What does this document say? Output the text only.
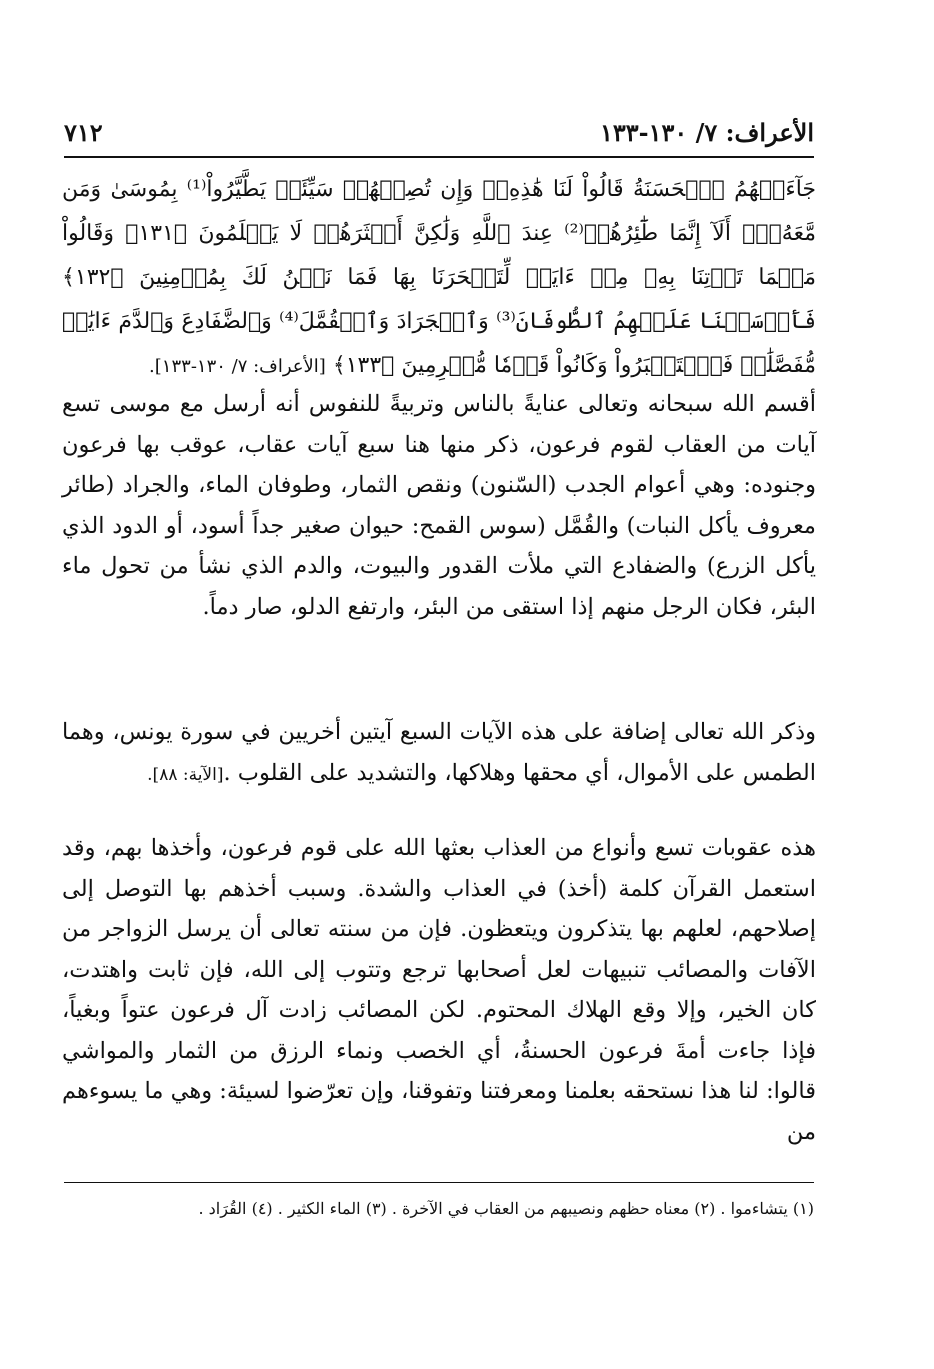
الأعراف: ٧/ ١٣٠-١٣٣
٧١٢
جَآءَتۡهُمُ ٱلۡحَسَنَةُ قَالُواْ لَنَا هَٰذِهِۦۖ وَإِن تُصِبۡهُمۡ سَيِّئَةٞ يَطَّيَّرُواْ⁽¹⁾ بِمُوسَىٰ وَمَن مَّعَهُۥٓۗ أَلَآ إِنَّمَا طَٰٓئِرُهُمۡ⁽²⁾ عِندَ ٱللَّهِ وَلَٰكِنَّ أَكۡثَرَهُمۡ لَا يَعۡلَمُونَ ﴿١٣١﴾ وَقَالُواْ مَهۡمَا تَأۡتِنَا بِهِۦ مِنۡ ءَايَةٖ لِّتَسۡحَرَنَا بِهَا فَمَا نَحۡنُ لَكَ بِمُؤۡمِنِينَ ﴿١٣٢﴾ فَأَرۡسَلۡنَا عَلَيۡهِمُ ٱلطُّوفَانَ⁽³⁾ وَٱلۡجَرَادَ وَٱلۡقُمَّلَ⁽⁴⁾ وَٱلضَّفَادِعَ وَٱلدَّمَ ءَايَٰتٖ مُّفَصَّلَٰتٖ فَٱسۡتَكۡبَرُواْ وَكَانُواْ قَوۡمٗا مُّجۡرِمِينَ ﴿١٣٣﴾ [الأعراف: ٧/ ١٣٠-١٣٣].

أقسم الله سبحانه وتعالى عنايةً بالناس وتربيةً للنفوس أنه أرسل مع موسى تسع آيات من العقاب لقوم فرعون، ذكر منها هنا سبع آيات عقاب، عوقب بها فرعون وجنوده: وهي أعوام الجدب (السّنون) ونقص الثمار، وطوفان الماء، والجراد (طائر معروف يأكل النبات) والقُمَّل (سوس القمح: حيوان صغير جداً أسود، أو الدود الذي يأكل الزرع) والضفادع التي ملأت القدور والبيوت، والدم الذي نشأ من تحول ماء البئر، فكان الرجل منهم إذا استقى من البئر، وارتفع الدلو، صار دماً.

وذكر الله تعالى إضافة على هذه الآيات السبع آيتين أخريين في سورة يونس، وهما الطمس على الأموال، أي محقها وهلاكها، والتشديد على القلوب .[الآية: ٨٨].

هذه عقوبات تسع وأنواع من العذاب بعثها الله على قوم فرعون، وأخذها بهم، وقد استعمل القرآن كلمة (أخذ) في العذاب والشدة. وسبب أخذهم بها التوصل إلى إصلاحهم، لعلهم بها يتذكرون ويتعظون. فإن من سنته تعالى أن يرسل الزواجر من الآفات والمصائب تنبيهات لعل أصحابها ترجع وتتوب إلى الله، فإن ثابت واهتدت، كان الخير، وإلا وقع الهلاك المحتوم. لكن المصائب زادت آل فرعون عتواً وبغياً، فإذا جاءت أمةَ فرعون الحسنةُ، أي الخصب ونماء الرزق من الثمار والمواشي قالوا: لنا هذا نستحقه بعلمنا ومعرفتنا وتفوقنا، وإن تعرّضوا لسيئة: وهي ما يسوءهم من

(١) يتشاءموا . (٢) معناه حظهم ونصيبهم من العقاب في الآخرة . (٣) الماء الكثير . (٤) القُرَاد .
